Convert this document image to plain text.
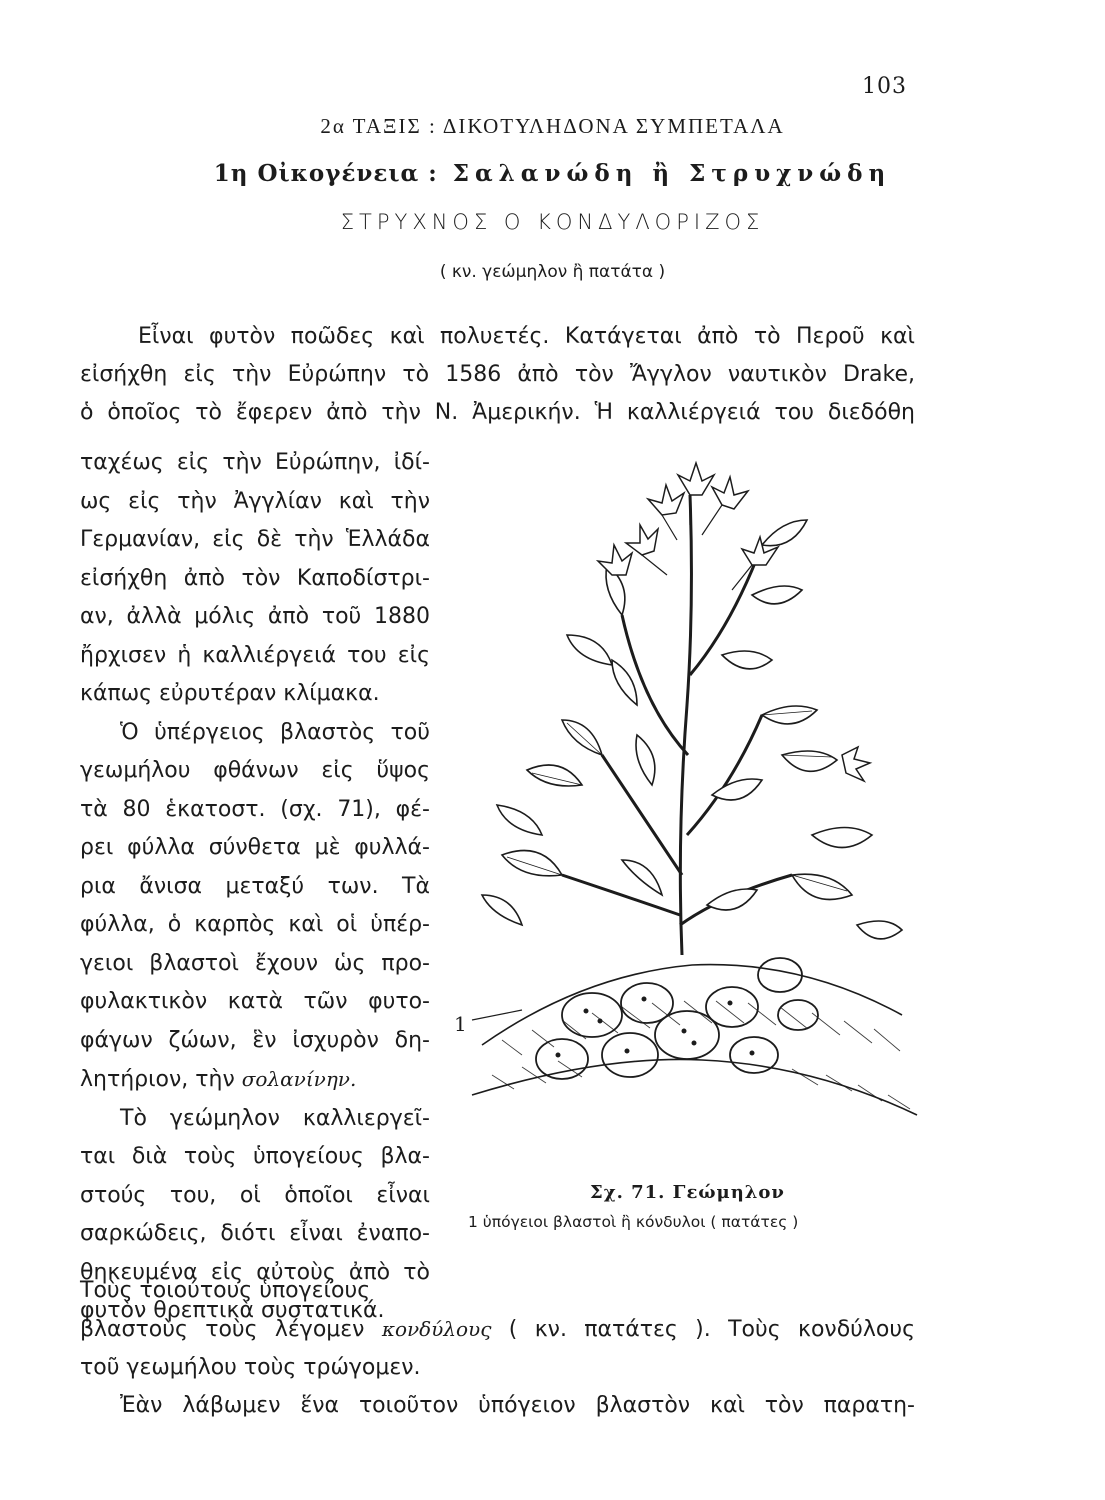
103
2α ΤΑΞΙΣ : ΔΙΚΟΤΥΛΗΔΟΝΑ ΣΥΜΠΕΤΑΛΑ
1η Οἰκογένεια : Σαλανώδη ἢ Στρυχνώδη
ΣΤΡΥΧΝΟΣ Ο ΚΟΝΔΥΛΟΡΙΖΟΣ
( κν. γεώμηλον ἢ πατάτα )
Εἶναι φυτὸν ποῶδες καὶ πολυετές. Κατάγεται ἀπὸ τὸ Περοῦ καὶ
εἰσήχθη εἰς τὴν Εὐρώπην τὸ 1586 ἀπὸ τὸν Ἄγγλον ναυτικὸν Drake,
ὁ ὁποῖος τὸ ἔφερεν ἀπὸ τὴν Ν. Ἀμερικήν. Ἡ καλλιέργειά του διεδόθη
ταχέως εἰς τὴν Εὐρώπην, ἰδί-
ως εἰς τὴν Ἀγγλίαν καὶ τὴν
Γερμανίαν, εἰς δὲ τὴν Ἑλλάδα
εἰσήχθη ἀπὸ τὸν Καποδίστρι-
αν, ἀλλὰ μόλις ἀπὸ τοῦ 1880
ἤρχισεν ἡ καλλιέργειά του εἰς
κάπως εὐρυτέραν κλίμακα.
Ὁ ὑπέργειος βλαστὸς τοῦ
γεωμήλου φθάνων εἰς ὕψος
τὰ 80 ἑκατοστ. (σχ. 71), φέ-
ρει φύλλα σύνθετα μὲ φυλλά-
ρια ἄνισα μεταξύ των. Τὰ
φύλλα, ὁ καρπὸς καὶ οἱ ὑπέρ-
γειοι βλαστοὶ ἔχουν ὡς προ-
φυλακτικὸν κατὰ τῶν φυτο-
φάγων ζώων, ἓν ἰσχυρὸν δη-
λητήριον, τὴν σολανίνην.
Τὸ γεώμηλον καλλιεργεῖ-
ται διὰ τοὺς ὑπογείους βλα-
στούς του, οἱ ὁποῖοι εἶναι
σαρκώδεις, διότι εἶναι ἐναπο-
θηκευμένα εἰς αὐτοὺς ἀπὸ τὸ
φυτὸν θρεπτικὰ συστατικά.
1
Σχ. 71. Γεώμηλον
1 ὑπόγειοι βλαστοὶ ἢ κόνδυλοι ( πατάτες )
Τοὺς τοιούτους ὑπογείους
βλαστοὺς τοὺς λέγομεν κονδύλους ( κν. πατάτες ). Τοὺς κονδύλους
τοῦ γεωμήλου τοὺς τρώγομεν.
Ἐὰν λάβωμεν ἕνα τοιοῦτον ὑπόγειον βλαστὸν καὶ τὸν παρατη-
